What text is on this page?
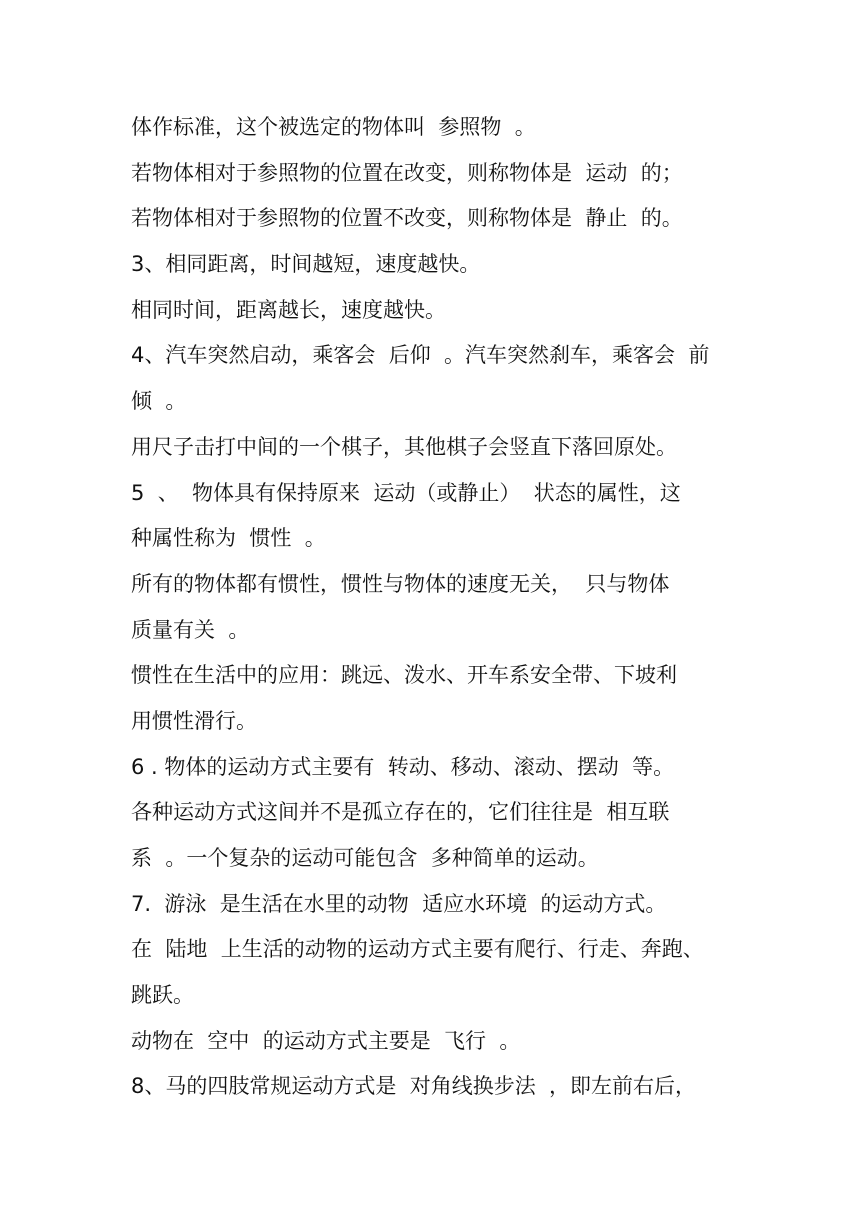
体作标准，这个被选定的物体叫  参照物  。
若物体相对于参照物的位置在改变，则称物体是  运动  的；
若物体相对于参照物的位置不改变，则称物体是  静止  的。
3、相同距离，时间越短，速度越快。
相同时间，距离越长，速度越快。
4、汽车突然启动，乘客会  后仰  。汽车突然刹车，乘客会  前
倾  。
用尺子击打中间的一个棋子，其他棋子会竖直下落回原处。
5  、  物体具有保持原来  运动（或静止）  状态的属性，这
种属性称为  惯性  。
所有的物体都有惯性，惯性与物体的速度无关，  只与物体
质量有关  。
惯性在生活中的应用：跳远、泼水、开车系安全带、下坡利
用惯性滑行。
6 . 物体的运动方式主要有  转动、移动、滚动、摆动  等。
各种运动方式这间并不是孤立存在的，它们往往是  相互联
系  。一个复杂的运动可能包含  多种简单的运动。
7.  游泳  是生活在水里的动物  适应水环境  的运动方式。
在  陆地  上生活的动物的运动方式主要有爬行、行走、奔跑、
跳跃。
动物在  空中  的运动方式主要是  飞行  。
8、马的四肢常规运动方式是  对角线换步法  ，即左前右后，
